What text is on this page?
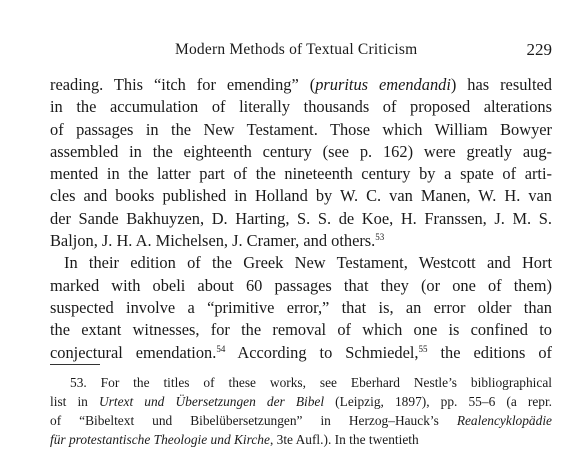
Modern Methods of Textual Criticism	229
reading. This “itch for emending” (pruritus emendandi) has resulted
in the accumulation of literally thousands of proposed alterations
of passages in the New Testament. Those which William Bowyer
assembled in the eighteenth century (see p. 162) were greatly aug-
mented in the latter part of the nineteenth century by a spate of arti-
cles and books published in Holland by W. C. van Manen, W. H. van
der Sande Bakhuyzen, D. Harting, S. S. de Koe, H. Franssen, J. M. S.
Baljon, J. H. A. Michelsen, J. Cramer, and others.$^{53}$
In their edition of the Greek New Testament, Westcott and Hort
marked with obeli about 60 passages that they (or one of them)
suspected involve a “primitive error,” that is, an error older than
the extant witnesses, for the removal of which one is confined to
conjectural emendation.$^{54}$ According to Schmiedel,$^{55}$ the editions of
53. For the titles of these works, see Eberhard Nestle’s bibliographical
list in Urtext und Übersetzungen der Bibel (Leipzig, 1897), pp. 55–6 (a repr.
of “Bibeltext und Bibelübersetzungen” in Herzog–Hauck’s Realencyklopädie
für protestantische Theologie und Kirche, 3te Aufl.). In the twentieth
